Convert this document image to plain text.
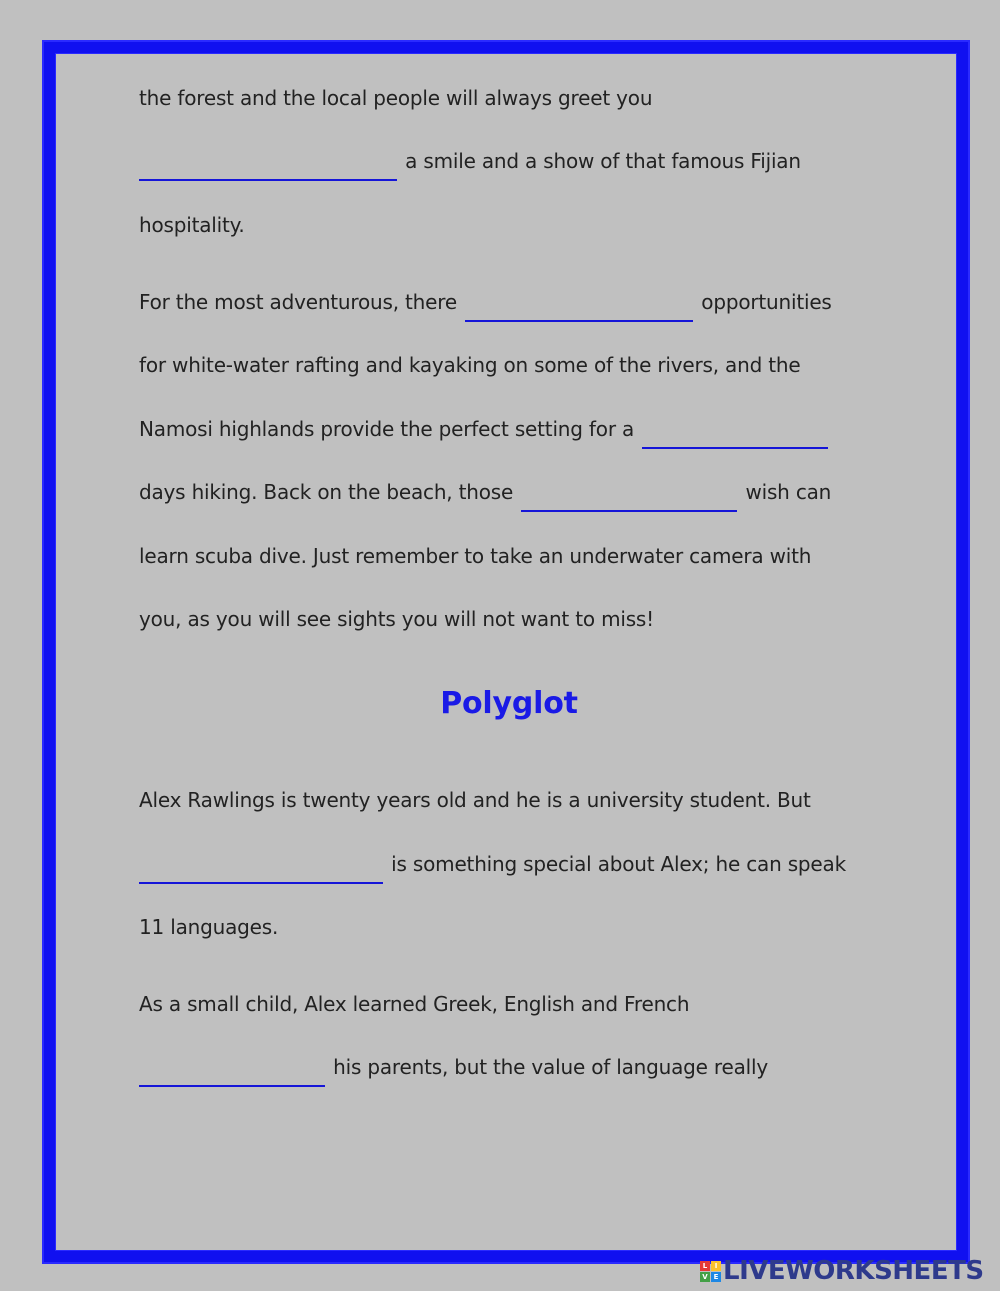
the forest and the local people will always greet you
a smile and a show of that famous Fijian
hospitality.
For the most adventurous, there	opportunities
for white-water rafting and kayaking on some of the rivers, and the
Namosi highlands provide the perfect setting for a
days hiking. Back on the beach, those	wish can
learn scuba dive. Just remember to take an underwater camera with
you, as you will see sights you will not want to miss!
Polyglot
Alex Rawlings is twenty years old and he is a university student. But
is something special about Alex; he can speak
11 languages.
As a small child, Alex learned Greek, English and French
his parents, but the value of language really
L	I
V E LIVEWORKSHEETS
